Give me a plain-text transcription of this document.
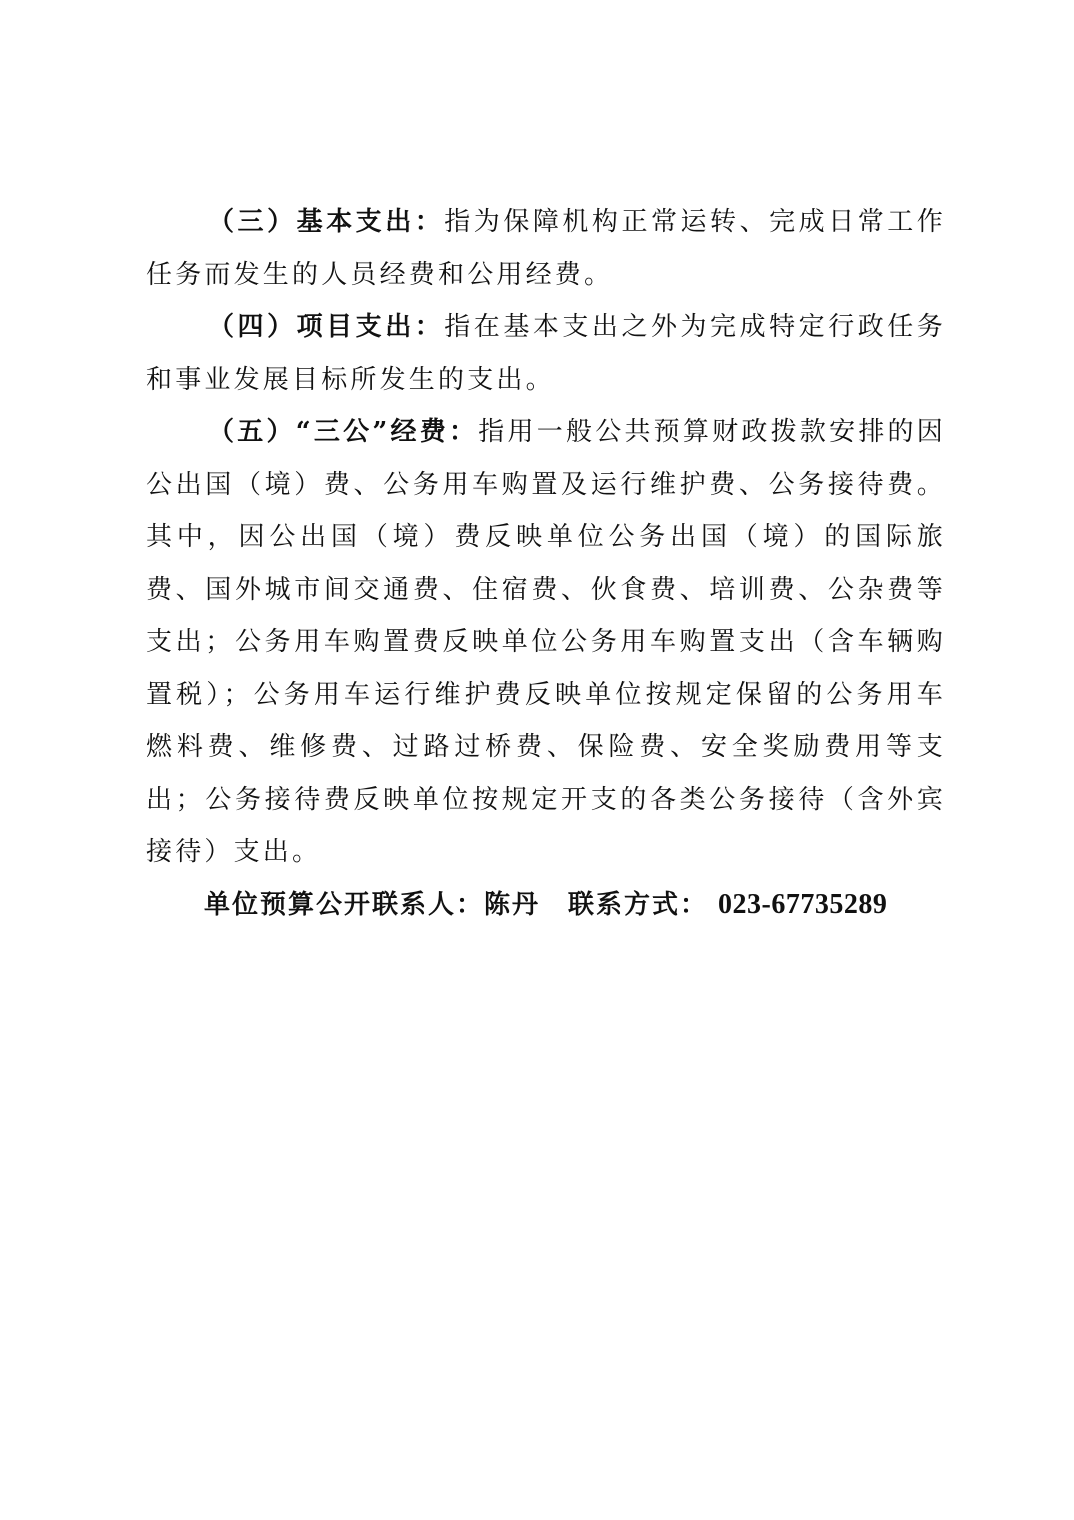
（三）基本支出：指为保障机构正常运转、完成日常工作任务而发生的人员经费和公用经费。

（四）项目支出：指在基本支出之外为完成特定行政任务和事业发展目标所发生的支出。

（五）“三公”经费：指用一般公共预算财政拨款安排的因公出国（境）费、公务用车购置及运行维护费、公务接待费。其中，因公出国（境）费反映单位公务出国（境）的国际旅费、国外城市间交通费、住宿费、伙食费、培训费、公杂费等支出；公务用车购置费反映单位公务用车购置支出（含车辆购置税）；公务用车运行维护费反映单位按规定保留的公务用车燃料费、维修费、过路过桥费、保险费、安全奖励费用等支出；公务接待费反映单位按规定开支的各类公务接待（含外宾接待）支出。

单位预算公开联系人：陈丹 联系方式： 023-67735289
